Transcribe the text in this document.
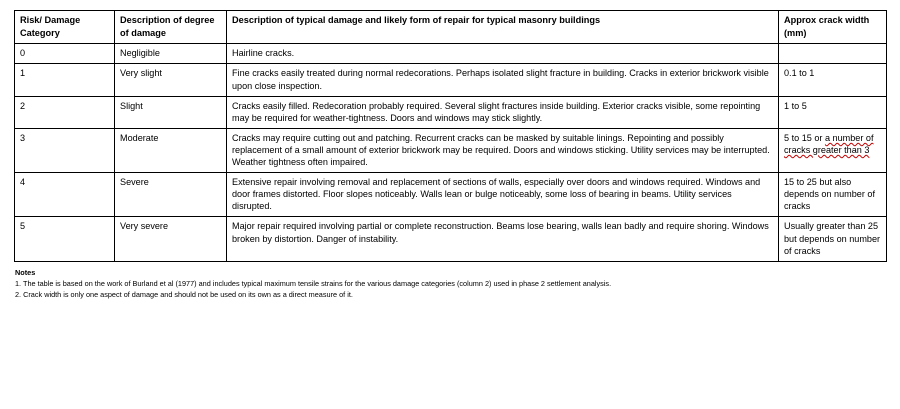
Risk/ Damage Category	Description of degree of damage	Description of typical damage and likely form of repair for typical masonry buildings	Approx crack width (mm)
0	Negligible	Hairline cracks.	
1	Very slight	Fine cracks easily treated during normal redecorations. Perhaps isolated slight fracture in building. Cracks in exterior brickwork visible upon close inspection.	0.1 to 1
2	Slight	Cracks easily filled. Redecoration probably required. Several slight fractures inside building. Exterior cracks visible, some repointing may be required for weather-tightness. Doors and windows may stick slightly.	1 to 5
3	Moderate	Cracks may require cutting out and patching. Recurrent cracks can be masked by suitable linings. Repointing and possibly replacement of a small amount of exterior brickwork may be required. Doors and windows sticking. Utility services may be interrupted. Weather tightness often impaired.	5 to 15 or a number of cracks greater than 3
4	Severe	Extensive repair involving removal and replacement of sections of walls, especially over doors and windows required. Windows and door frames distorted. Floor slopes noticeably. Walls lean or bulge noticeably, some loss of bearing in beams. Utility services disrupted.	15 to 25 but also depends on number of cracks
5	Very severe	Major repair required involving partial or complete reconstruction. Beams lose bearing, walls lean badly and require shoring. Windows broken by distortion. Danger of instability.	Usually greater than 25 but depends on number of cracks
Notes
1. The table is based on the work of Burland et al (1977) and includes typical maximum tensile strains for the various damage categories (column 2) used in phase 2 settlement analysis.
2. Crack width is only one aspect of damage and should not be used on its own as a direct measure of it.
